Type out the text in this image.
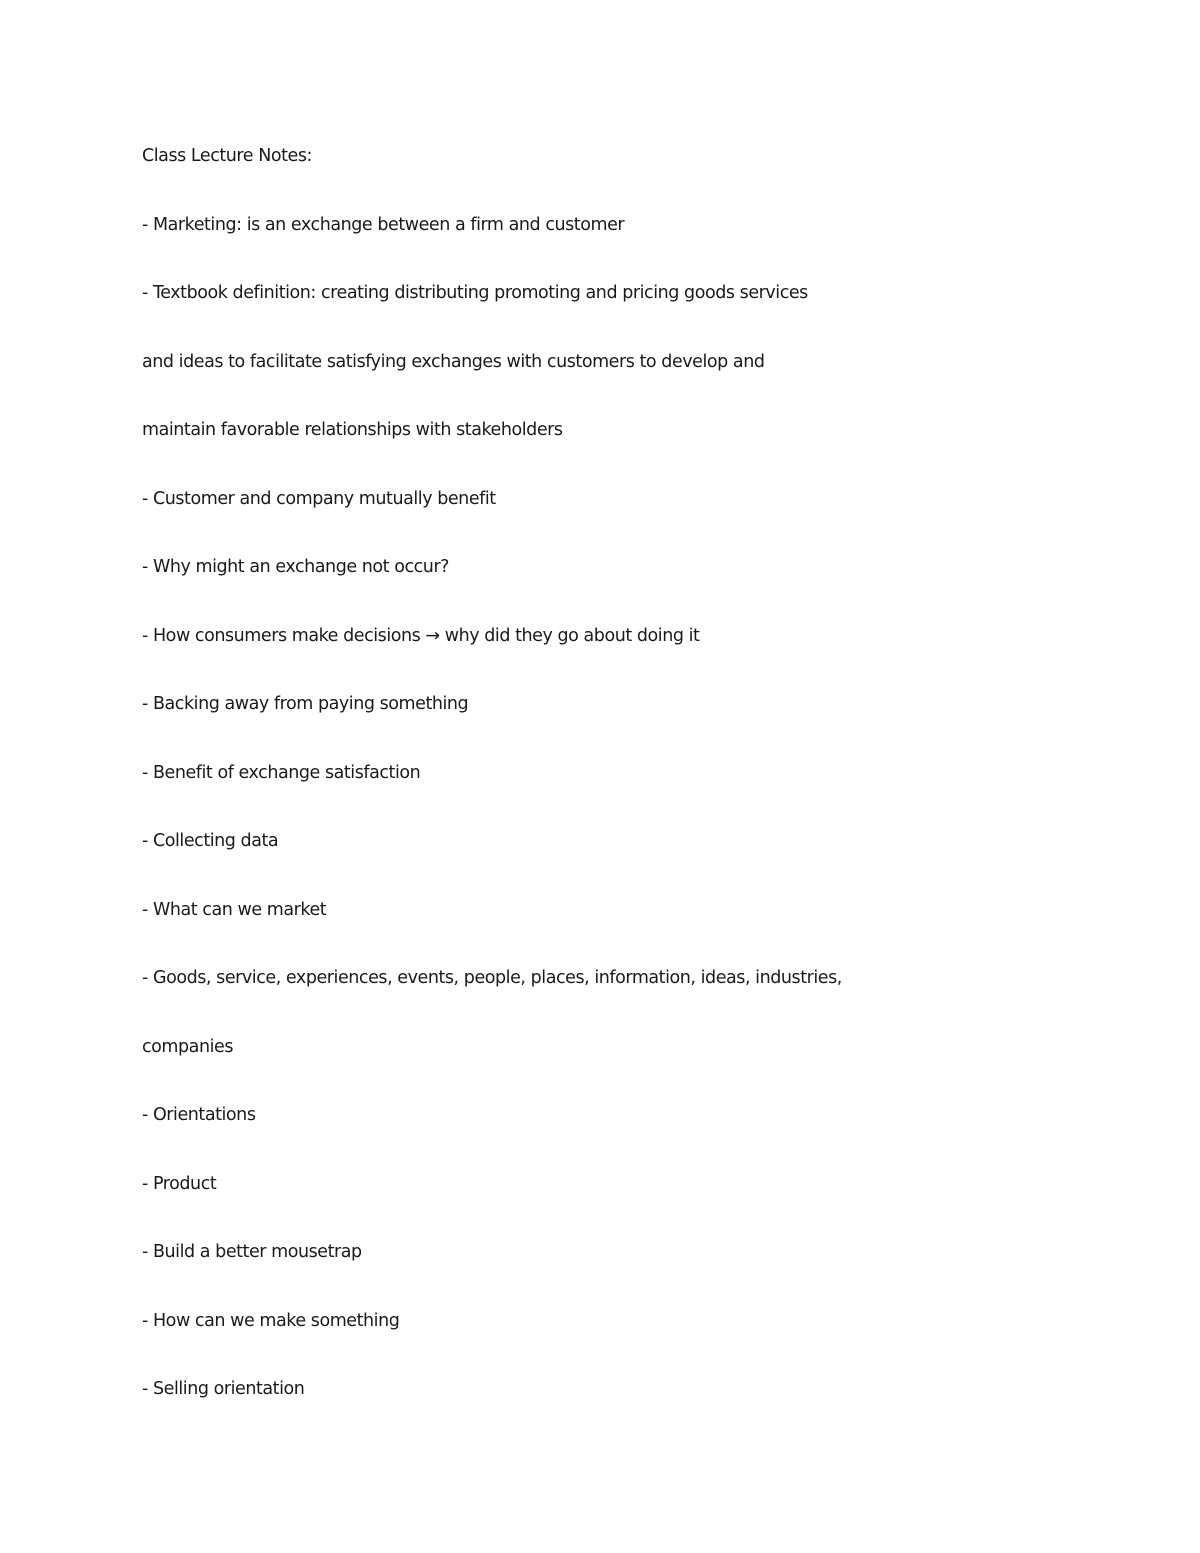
Class Lecture Notes:
- Marketing: is an exchange between a firm and customer
- Textbook definition: creating distributing promoting and pricing goods services
and ideas to facilitate satisfying exchanges with customers to develop and
maintain favorable relationships with stakeholders
- Customer and company mutually benefit
- Why might an exchange not occur?
- How consumers make decisions → why did they go about doing it
- Backing away from paying something
- Benefit of exchange satisfaction
- Collecting data
- What can we market
- Goods, service, experiences, events, people, places, information, ideas, industries,
companies
- Orientations
- Product
- Build a better mousetrap
- How can we make something
- Selling orientation
